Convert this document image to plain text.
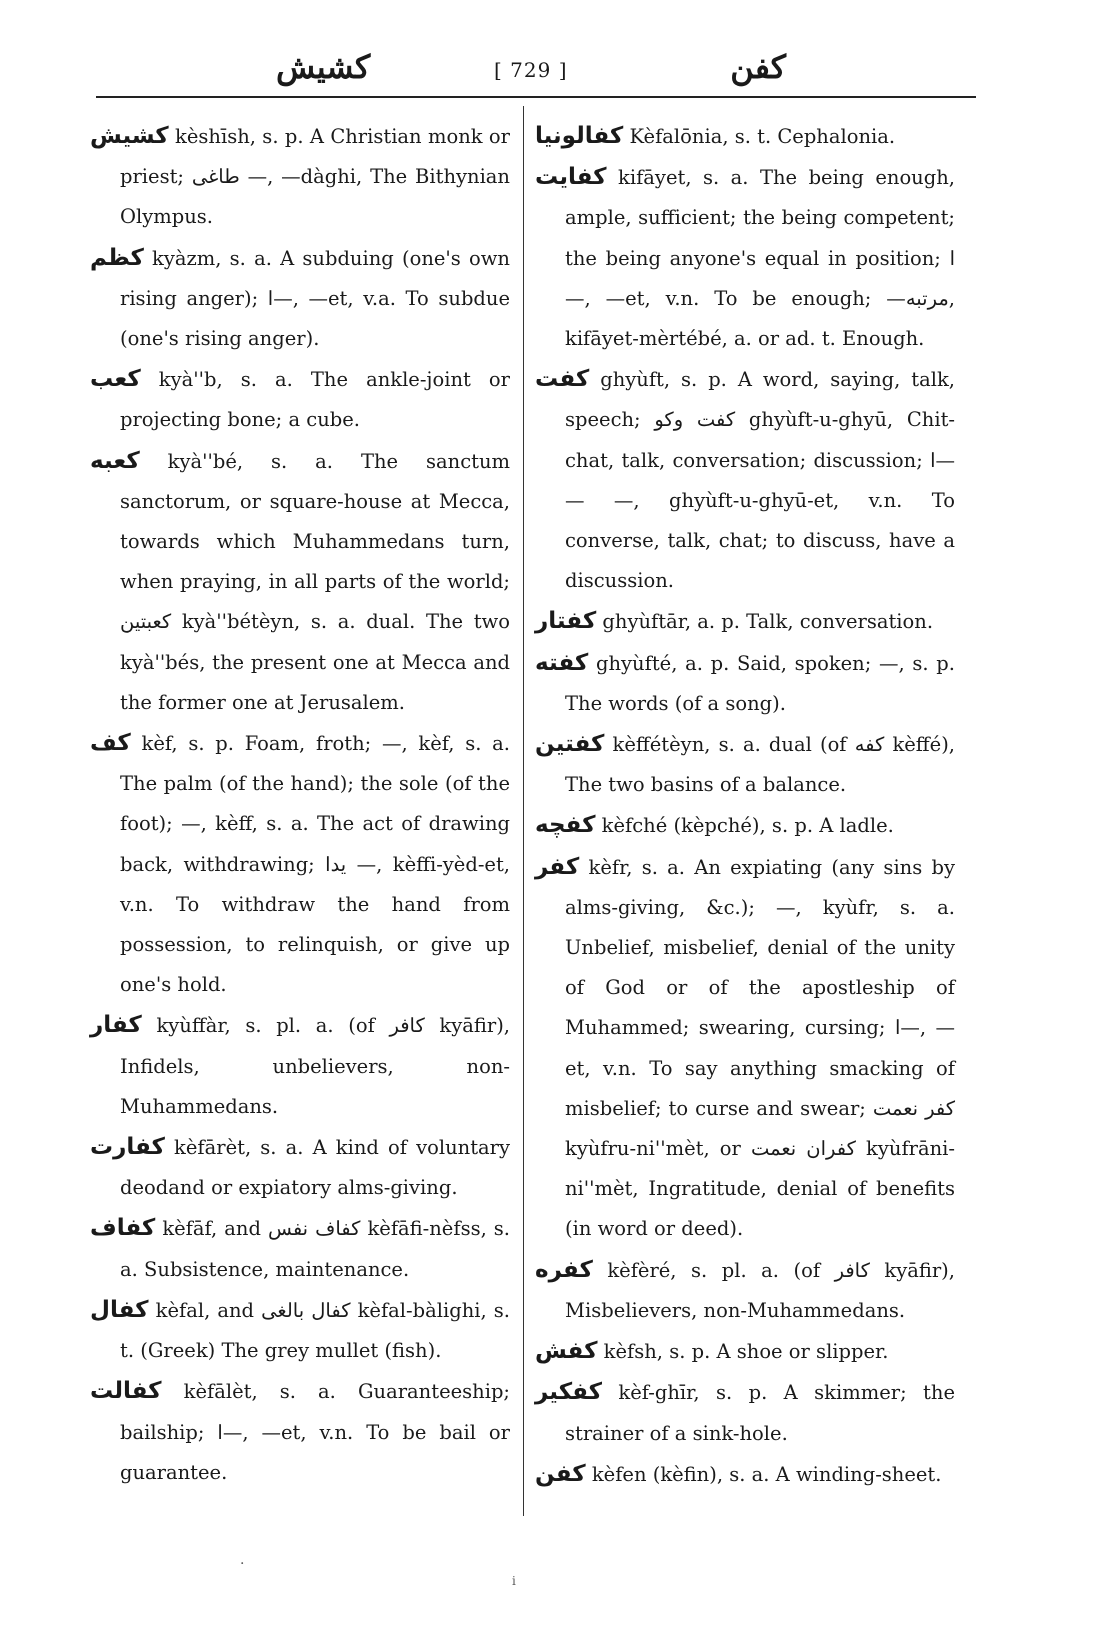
كشيش	[ 729 ]	كفن
كشيش kèshīsh, s. p. A Christian monk or priest; طاغی —, —dàghi, The Bithynian Olympus.
كظم kyàzm, s. a. A subduing (one's own rising anger); ا—, —et, v.a. To subdue (one's rising anger).
كعب kyà''b, s. a. The ankle-joint or projecting bone; a cube.
كعبه kyà''bé, s. a. The sanctum sanctorum, or square-house at Mecca, towards which Muhammedans turn, when praying, in all parts of the world; كعبتين kyà''bétèyn, s. a. dual. The two kyà''bés, the present one at Mecca and the former one at Jerusalem.
كف kèf, s. p. Foam, froth; —, kèf, s. a. The palm (of the hand); the sole (of the foot); —, kèff, s. a. The act of drawing back, withdrawing; يدا —, kèffi-yèd-et, v.n. To withdraw the hand from possession, to relinquish, or give up one's hold.
كفار kyùffàr, s. pl. a. (of كافر kyāfir), Infidels, unbelievers, non-Muhammedans.
كفارت kèfārèt, s. a. A kind of voluntary deodand or expiatory alms-giving.
كفاف kèfāf, and كفاف نفس kèfāfi-nèfss, s. a. Subsistence, maintenance.
كفال kèfal, and كفال بالغی kèfal-bàlighi, s. t. (Greek) The grey mullet (fish).
كفالت kèfālèt, s. a. Guaranteeship; bailship; ا—, —et, v.n. To be bail or guarantee.
كفالونيا Kèfalōnia, s. t. Cephalonia.
كفايت kifāyet, s. a. The being enough, ample, sufficient; the being competent; the being anyone's equal in position; ا—, —et, v.n. To be enough; —مرتبه, kifāyet-mèrtébé, a. or ad. t. Enough.
كفت ghyùft, s. p. A word, saying, talk, speech; كفت وكو ghyùft-u-ghyū, Chit-chat, talk, conversation; discussion; ا— — —, ghyùft-u-ghyū-et, v.n. To converse, talk, chat; to discuss, have a discussion.
كفتار ghyùftār, a. p. Talk, conversation.
كفته ghyùfté, a. p. Said, spoken; —, s. p. The words (of a song).
كفتين kèffétèyn, s. a. dual (of كفه kèffé), The two basins of a balance.
كفچه kèfché (kèpché), s. p. A ladle.
كفر kèfr, s. a. An expiating (any sins by alms-giving, &c.); —, kyùfr, s. a. Unbelief, misbelief, denial of the unity of God or of the apostleship of Muhammed; swearing, cursing; ا—, —et, v.n. To say anything smacking of misbelief; to curse and swear; كفر نعمت kyùfru-ni''mèt, or كفران نعمت kyùfrāni-ni''mèt, Ingratitude, denial of benefits (in word or deed).
كفره kèfèré, s. pl. a. (of كافر kyāfir), Misbelievers, non-Muhammedans.
كفش kèfsh, s. p. A shoe or slipper.
كفكير kèf-ghīr, s. p. A skimmer; the strainer of a sink-hole.
كفن kèfen (kèfin), s. a. A winding-sheet.
·
ⅰ
